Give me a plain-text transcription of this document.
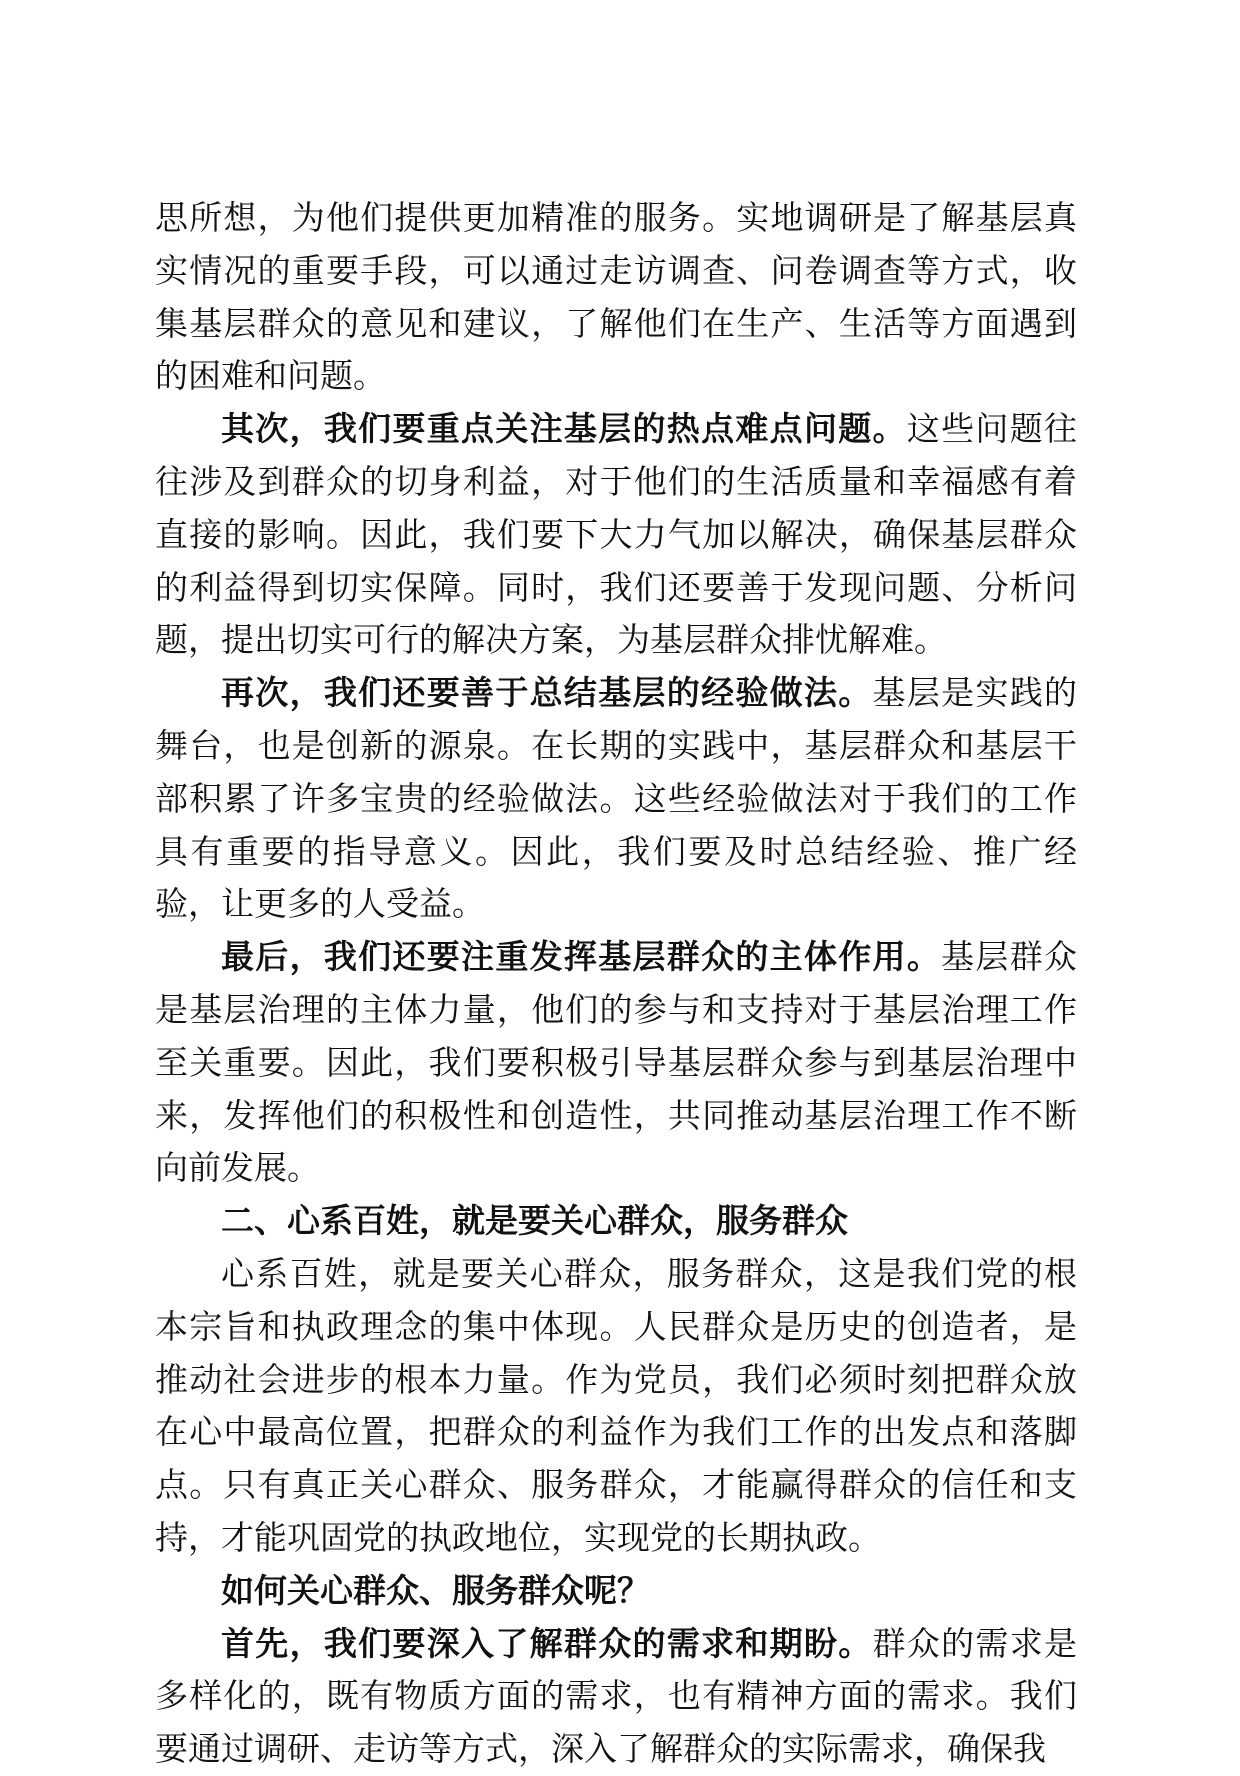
思所想，为他们提供更加精准的服务。实地调研是了解基层真实情况的重要手段，可以通过走访调查、问卷调查等方式，收集基层群众的意见和建议，了解他们在生产、生活等方面遇到的困难和问题。

其次，我们要重点关注基层的热点难点问题。这些问题往往涉及到群众的切身利益，对于他们的生活质量和幸福感有着直接的影响。因此，我们要下大力气加以解决，确保基层群众的利益得到切实保障。同时，我们还要善于发现问题、分析问题，提出切实可行的解决方案，为基层群众排忧解难。

再次，我们还要善于总结基层的经验做法。基层是实践的舞台，也是创新的源泉。在长期的实践中，基层群众和基层干部积累了许多宝贵的经验做法。这些经验做法对于我们的工作具有重要的指导意义。因此，我们要及时总结经验、推广经验，让更多的人受益。

最后，我们还要注重发挥基层群众的主体作用。基层群众是基层治理的主体力量，他们的参与和支持对于基层治理工作至关重要。因此，我们要积极引导基层群众参与到基层治理中来，发挥他们的积极性和创造性，共同推动基层治理工作不断向前发展。

二、心系百姓，就是要关心群众，服务群众

心系百姓，就是要关心群众，服务群众，这是我们党的根本宗旨和执政理念的集中体现。人民群众是历史的创造者，是推动社会进步的根本力量。作为党员，我们必须时刻把群众放在心中最高位置，把群众的利益作为我们工作的出发点和落脚点。只有真正关心群众、服务群众，才能赢得群众的信任和支持，才能巩固党的执政地位，实现党的长期执政。

如何关心群众、服务群众呢？

首先，我们要深入了解群众的需求和期盼。群众的需求是多样化的，既有物质方面的需求，也有精神方面的需求。我们要通过调研、走访等方式，深入了解群众的实际需求，确保我
